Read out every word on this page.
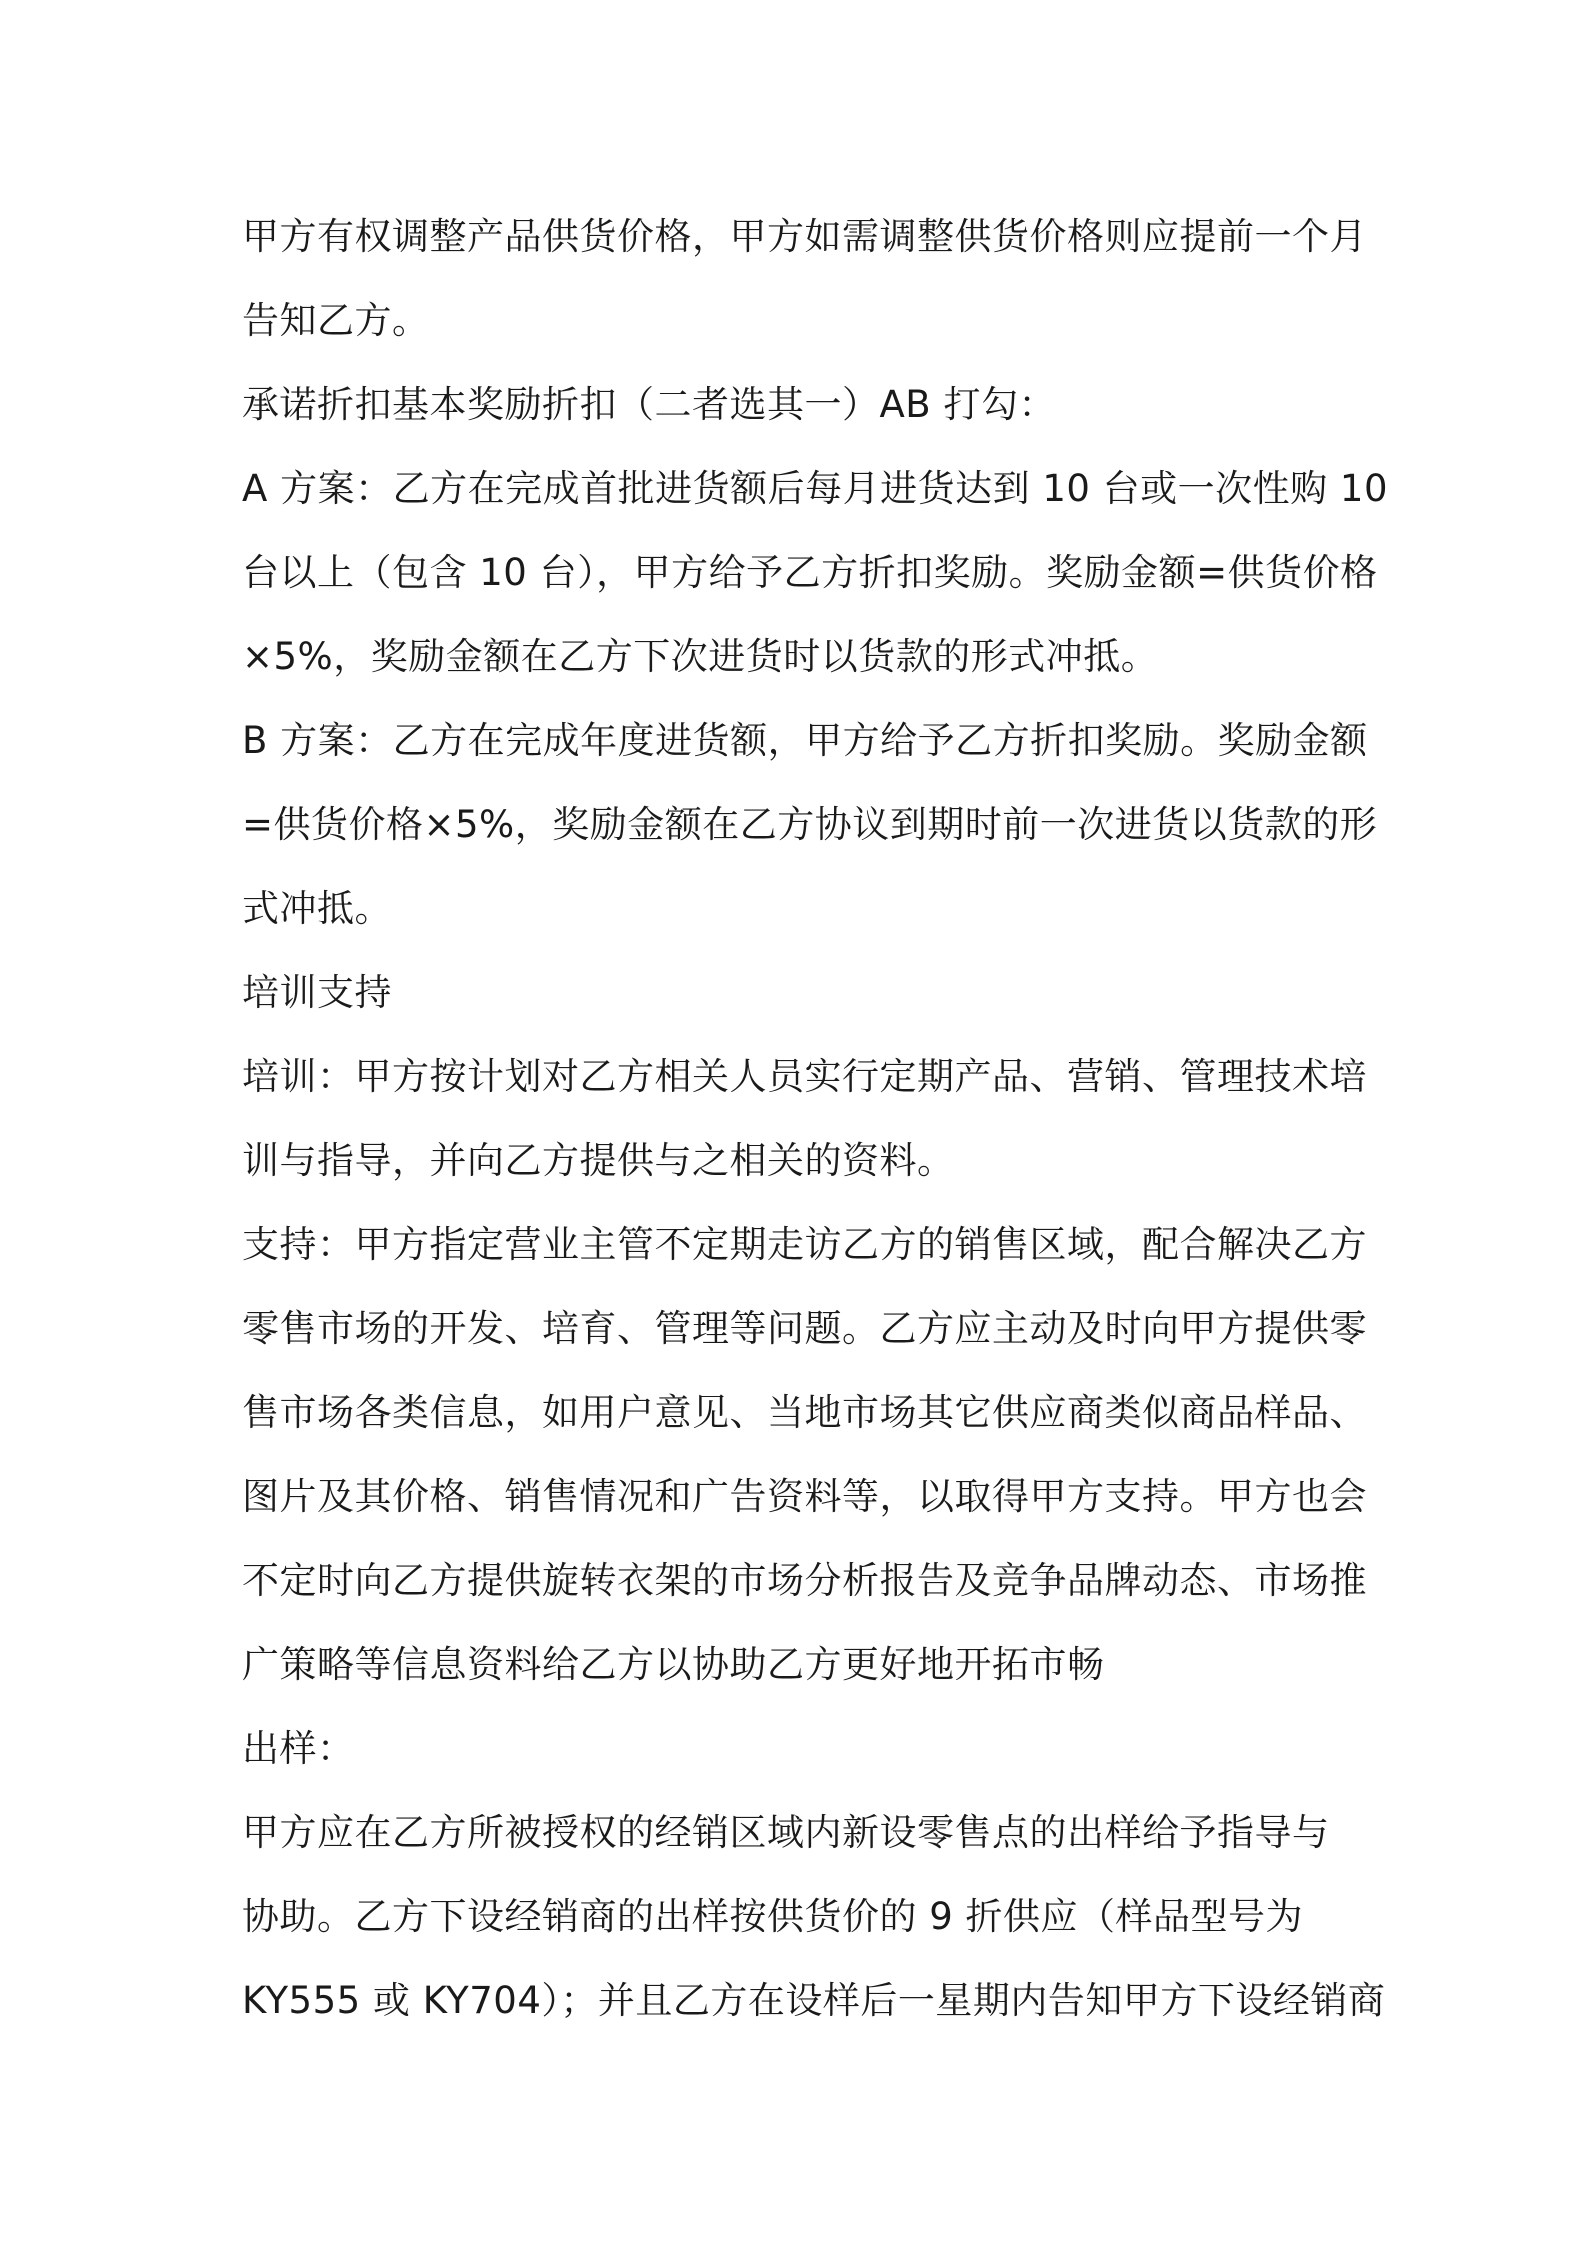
甲方有权调整产品供货价格，甲方如需调整供货价格则应提前一个月
告知乙方。
承诺折扣基本奖励折扣（二者选其一）AB 打勾：
A 方案：乙方在完成首批进货额后每月进货达到 10 台或一次性购 10
台以上（包含 10 台），甲方给予乙方折扣奖励。奖励金额=供货价格
×5%，奖励金额在乙方下次进货时以货款的形式冲抵。
B 方案：乙方在完成年度进货额，甲方给予乙方折扣奖励。奖励金额
=供货价格×5%，奖励金额在乙方协议到期时前一次进货以货款的形
式冲抵。
培训支持
培训：甲方按计划对乙方相关人员实行定期产品、营销、管理技术培
训与指导，并向乙方提供与之相关的资料。
支持：甲方指定营业主管不定期走访乙方的销售区域，配合解决乙方
零售市场的开发、培育、管理等问题。乙方应主动及时向甲方提供零
售市场各类信息，如用户意见、当地市场其它供应商类似商品样品、
图片及其价格、销售情况和广告资料等，以取得甲方支持。甲方也会
不定时向乙方提供旋转衣架的市场分析报告及竞争品牌动态、市场推
广策略等信息资料给乙方以协助乙方更好地开拓市畅
出样：
甲方应在乙方所被授权的经销区域内新设零售点的出样给予指导与
协助。乙方下设经销商的出样按供货价的 9 折供应（样品型号为
KY555 或 KY704）；并且乙方在设样后一星期内告知甲方下设经销商
